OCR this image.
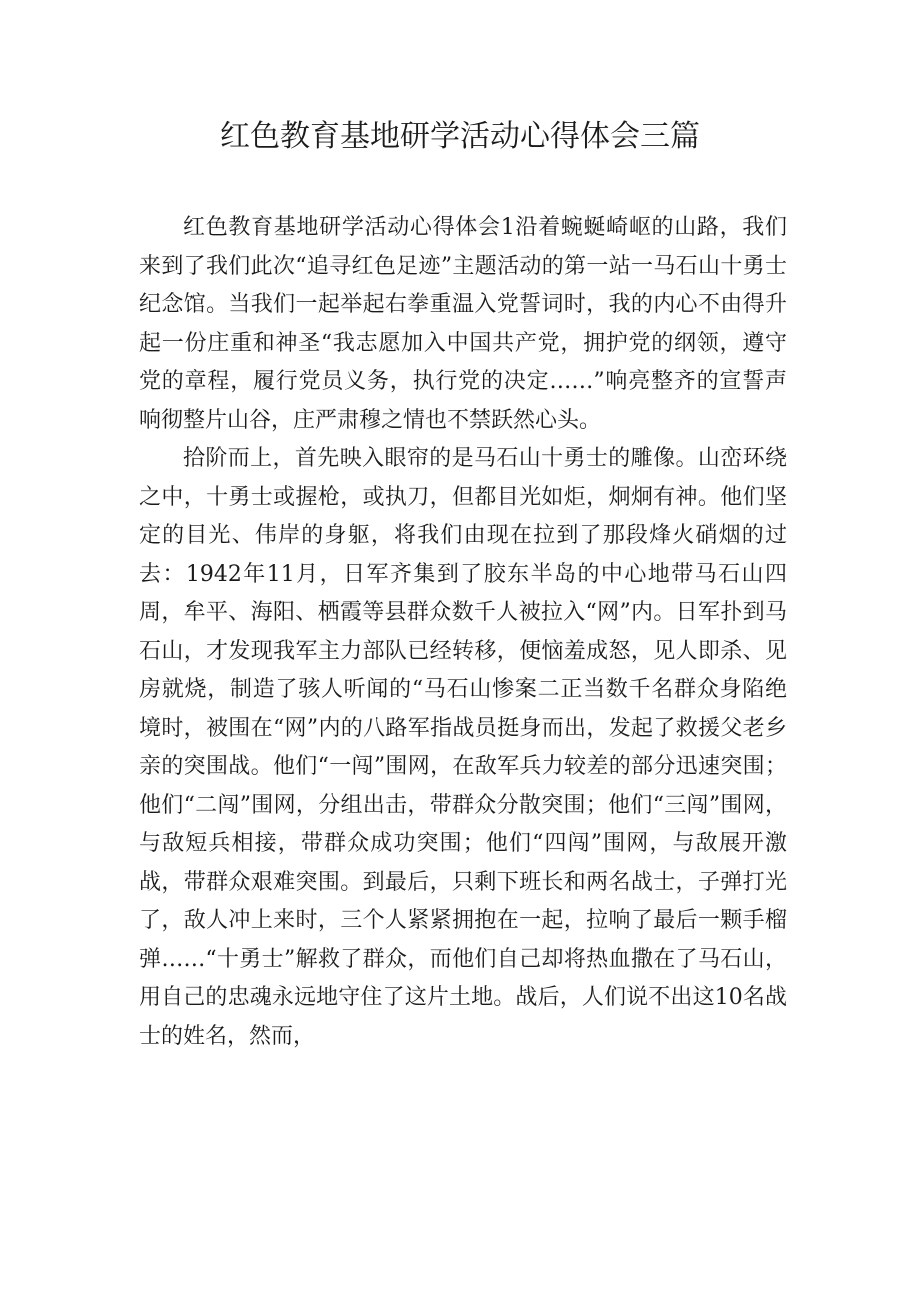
红色教育基地研学活动心得体会三篇

红色教育基地研学活动心得体会1沿着蜿蜒崎岖的山路，我们来到了我们此次“追寻红色足迹”主题活动的第一站一马石山十勇士纪念馆。当我们一起举起右拳重温入党誓词时，我的内心不由得升起一份庄重和神圣“我志愿加入中国共产党，拥护党的纲领，遵守党的章程，履行党员义务，执行党的决定……”响亮整齐的宣誓声响彻整片山谷，庄严肃穆之情也不禁跃然心头。

拾阶而上，首先映入眼帘的是马石山十勇士的雕像。山峦环绕之中，十勇士或握枪，或执刀，但都目光如炬，炯炯有神。他们坚定的目光、伟岸的身躯，将我们由现在拉到了那段烽火硝烟的过去：1942年11月，日军齐集到了胶东半岛的中心地带马石山四周，牟平、海阳、栖霞等县群众数千人被拉入“网”内。日军扑到马石山，才发现我军主力部队已经转移，便恼羞成怒，见人即杀、见房就烧，制造了骇人听闻的“马石山惨案二正当数千名群众身陷绝境时，被围在“网”内的八路军指战员挺身而出，发起了救援父老乡亲的突围战。他们“一闯”围网，在敌军兵力较差的部分迅速突围；他们“二闯”围网，分组出击，带群众分散突围；他们“三闯”围网，与敌短兵相接，带群众成功突围；他们“四闯”围网，与敌展开激战，带群众艰难突围。到最后，只剩下班长和两名战士，子弹打光了，敌人冲上来时，三个人紧紧拥抱在一起，拉响了最后一颗手榴弹……“十勇士”解救了群众，而他们自己却将热血撒在了马石山，用自己的忠魂永远地守住了这片土地。战后，人们说不出这10名战士的姓名，然而，
